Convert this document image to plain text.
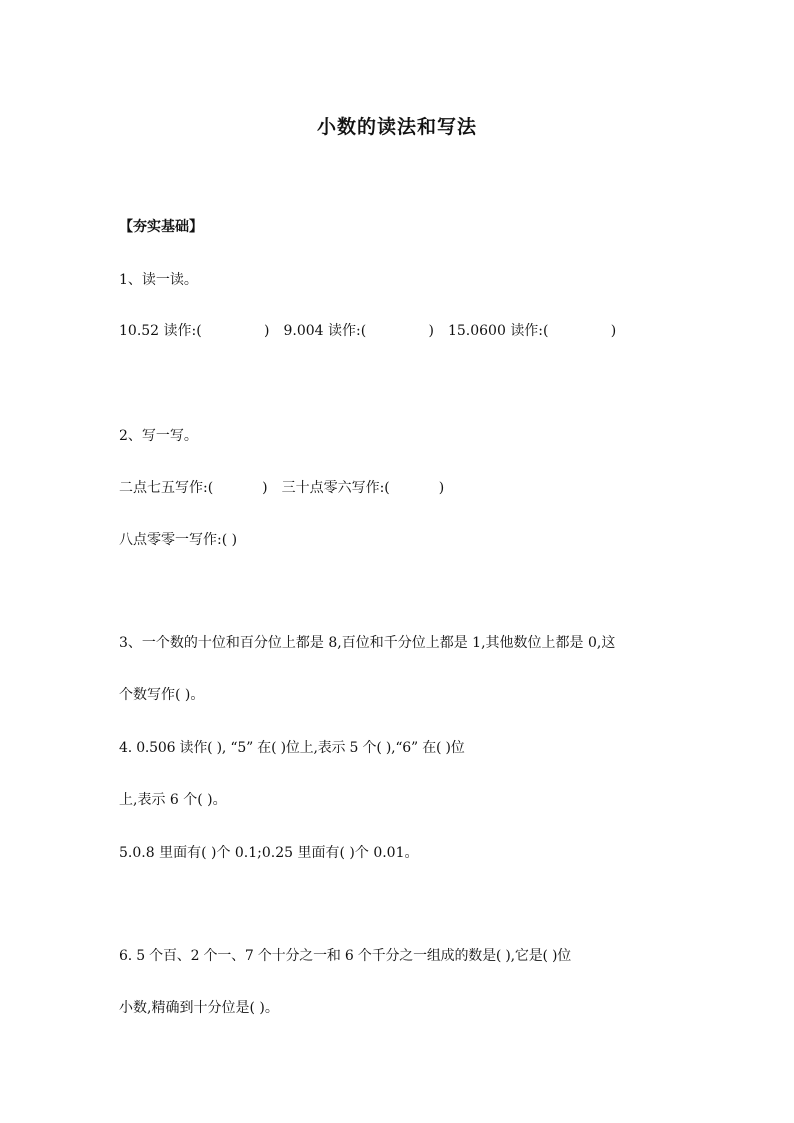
小数的读法和写法
【夯实基础】
1、读一读。
10.52 读作:(              ) 9.004 读作:(              ) 15.0600 读作:(              )
2、写一写。
二点七五写作:(           ) 三十点零六写作:(           )
八点零零一写作:( )
3、一个数的十位和百分位上都是 8,百位和千分位上都是 1,其他数位上都是 0,这
个数写作( )。
4. 0.506 读作( ), “5” 在( )位上,表示 5 个( ),“6” 在( )位
上,表示 6 个( )。
5.0.8 里面有( )个 0.1;0.25 里面有( )个 0.01。
6. 5 个百、2 个一、7 个十分之一和 6 个千分之一组成的数是( ),它是( )位
小数,精确到十分位是( )。
